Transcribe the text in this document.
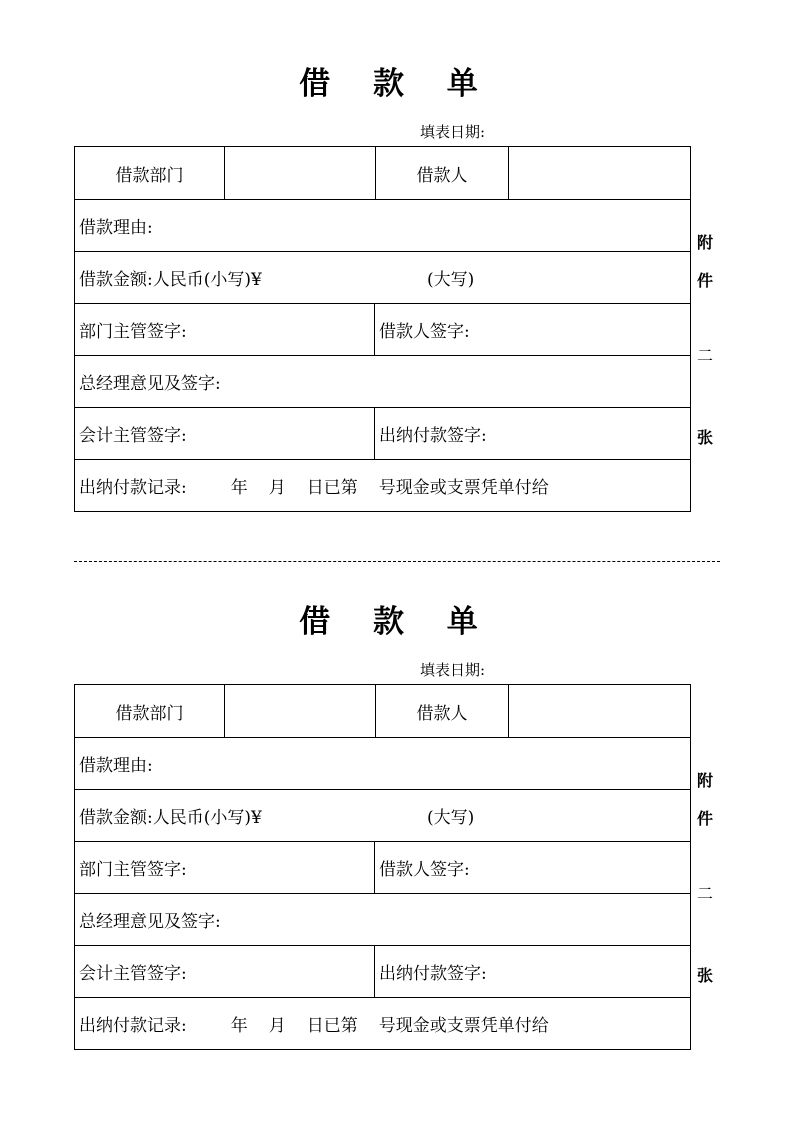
借 款 单
填表日期:
借款部门	借款人
借款理由:
借款金额:人民币(小写)¥	(大写)
部门主管签字:	借款人签字:
总经理意见及签字:
会计主管签字:	出纳付款签字:
出纳付款记录:	年 月 日已第 号现金或支票凭单付给
附
件
二
张
借 款 单
填表日期:
借款部门	借款人
借款理由:
借款金额:人民币(小写)¥	(大写)
部门主管签字:	借款人签字:
总经理意见及签字:
会计主管签字:	出纳付款签字:
出纳付款记录:	年 月 日已第 号现金或支票凭单付给
附
件
二
张
